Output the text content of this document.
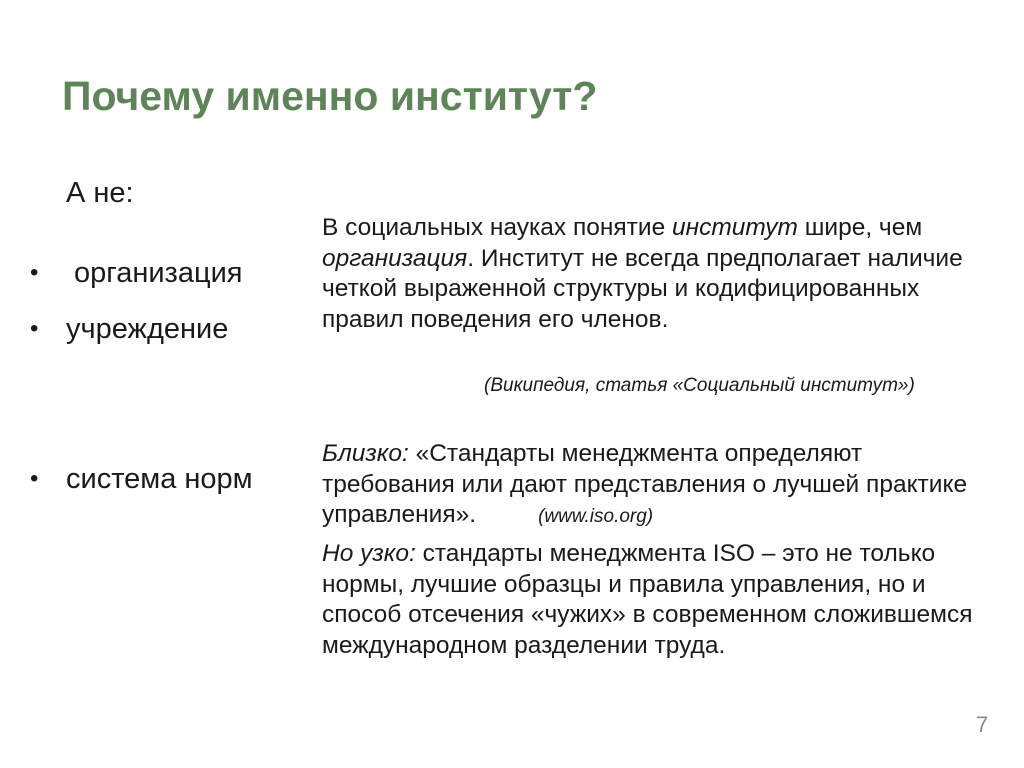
Почему именно институт?

А не:

• организация
• учреждение
• система норм

В социальных науках понятие институт шире, чем организация. Институт не всегда предполагает наличие четкой выраженной структуры и кодифицированных правил поведения его членов.

(Википедия, статья «Социальный институт»)

Близко: «Стандарты менеджмента определяют требования или дают представления о лучшей практике управления».	(www.iso.org)

Но узко: стандарты менеджмента ISO – это не только нормы, лучшие образцы и правила управления, но и способ отсечения «чужих» в современном сложившемся международном разделении труда.

7
